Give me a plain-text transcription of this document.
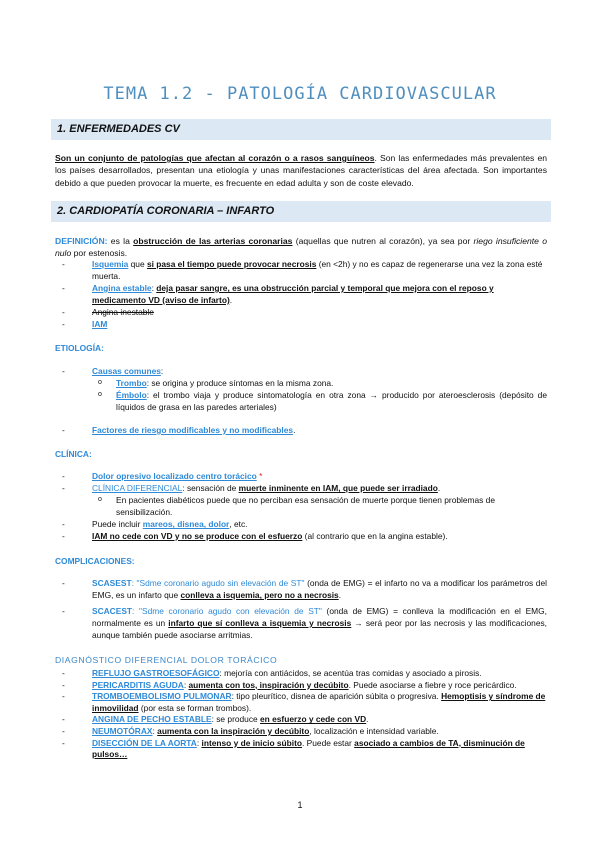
TEMA 1.2 - PATOLOGÍA CARDIOVASCULAR
1. ENFERMEDADES CV
Son un conjunto de patologías que afectan al corazón o a rasos sanguíneos. Son las enfermedades más prevalentes en los países desarrollados, presentan una etiología y unas manifestaciones características del área afectada. Son importantes debido a que pueden provocar la muerte, es frecuente en edad adulta y son de coste elevado.
2. CARDIOPATÍA CORONARIA – INFARTO
DEFINICIÓN: es la obstrucción de las arterias coronarias (aquellas que nutren al corazón), ya sea por riego insuficiente o nulo por estenosis.
- Isquemia que si pasa el tiempo puede provocar necrosis (en <2h) y no es capaz de regenerarse una vez la zona esté muerta.
- Angina estable: deja pasar sangre, es una obstrucción parcial y temporal que mejora con el reposo y medicamento VD (aviso de infarto).
- Angina inestable
- IAM
ETIOLOGÍA:
- Causas comunes:
o Trombo: se origina y produce síntomas en la misma zona.
o Émbolo: el trombo viaja y produce sintomatología en otra zona → producido por ateroesclerosis (depósito de líquidos de grasa en las paredes arteriales)
- Factores de riesgo modificables y no modificables.
CLÍNICA:
- Dolor opresivo localizado centro torácico *
- CLÍNICA DIFERENCIAL: sensación de muerte inminente en IAM, que puede ser irradiado.
o En pacientes diabéticos puede que no perciban esa sensación de muerte porque tienen problemas de sensibilización.
- Puede incluir mareos, disnea, dolor, etc.
- IAM no cede con VD y no se produce con el esfuerzo (al contrario que en la angina estable).
COMPLICACIONES:
- SCASEST: "Sdme coronario agudo sin elevación de ST" (onda de EMG) = el infarto no va a modificar los parámetros del EMG, es un infarto que conlleva a isquemia, pero no a necrosis.
- SCACEST: "Sdme coronario agudo con elevación de ST" (onda de EMG) = conlleva la modificación en el EMG, normalmente es un infarto que sí conlleva a isquemia y necrosis → será peor por las necrosis y las modificaciones, aunque también puede asociarse arritmias.
DIAGNÓSTICO DIFERENCIAL DOLOR TORÁCICO
- REFLUJO GASTROESOFÁGICO: mejoría con antiácidos, se acentúa tras comidas y asociado a pirosis.
- PERICARDITIS AGUDA: aumenta con tos, inspiración y decúbito. Puede asociarse a fiebre y roce pericárdico.
- TROMBOEMBOLISMO PULMONAR: tipo pleurítico, disnea de aparición súbita o progresiva. Hemoptisis y síndrome de inmovilidad (por esta se forman trombos).
- ANGINA DE PECHO ESTABLE: se produce en esfuerzo y cede con VD.
- NEUMOTÓRAX: aumenta con la inspiración y decúbito, localización e intensidad variable.
- DISECCIÓN DE LA AORTA: intenso y de inicio súbito. Puede estar asociado a cambios de TA, disminución de pulsos…
1
